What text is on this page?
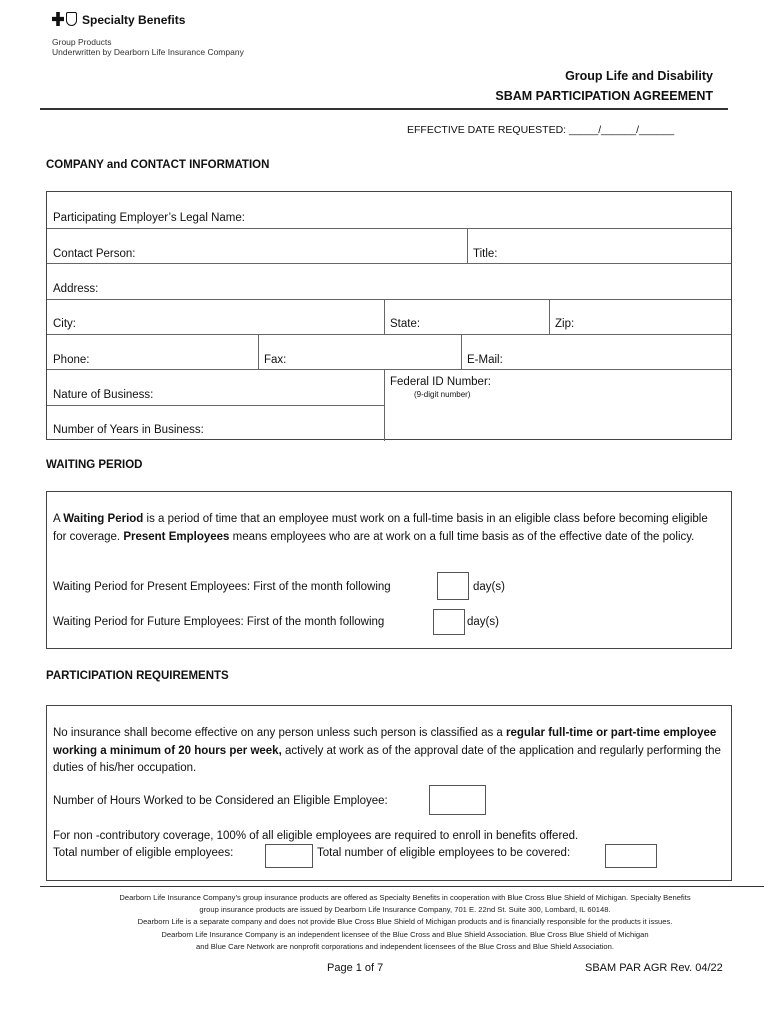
Specialty Benefits
Group Products
Underwritten by Dearborn Life Insurance Company
Group Life and Disability
SBAM PARTICIPATION AGREEMENT
EFFECTIVE DATE REQUESTED: _____/______/______
COMPANY and CONTACT INFORMATION
Participating Employer’s Legal Name:
Contact Person:	Title:
Address:
City:	State:	Zip:
Phone:	Fax:	E-Mail:
Nature of Business:
Federal ID Number:
(9-digit number)
Number of Years in Business:
WAITING PERIOD
A Waiting Period is a period of time that an employee must work on a full-time basis in an eligible class before becoming eligible for coverage. Present Employees means employees who are at work on a full time basis as of the effective date of the policy.
Waiting Period for Present Employees: First of the month following	day(s)
Waiting Period for Future Employees: First of the month following	day(s)
PARTICIPATION REQUIREMENTS
No insurance shall become effective on any person unless such person is classified as a regular full-time or part-time employee working a minimum of 20 hours per week, actively at work as of the approval date of the application and regularly performing the duties of his/her occupation.
Number of Hours Worked to be Considered an Eligible Employee:
For non -contributory coverage, 100% of all eligible employees are required to enroll in benefits offered.
Total number of eligible employees:	Total number of eligible employees to be covered:
Dearborn Life Insurance Company’s group insurance products are offered as Specialty Benefits in cooperation with Blue Cross Blue Shield of Michigan. Specialty Benefits
group insurance products are issued by Dearborn Life Insurance Company, 701 E. 22nd St. Suite 300, Lombard, IL 60148.
Dearborn Life is a separate company and does not provide Blue Cross Blue Shield of Michigan products and is financially responsible for the products it issues.
Dearborn Life Insurance Company is an independent licensee of the Blue Cross and Blue Shield Association. Blue Cross Blue Shield of Michigan
and Blue Care Network are nonprofit corporations and independent licensees of the Blue Cross and Blue Shield Association.
Page 1 of 7	SBAM PAR AGR Rev. 04/22
